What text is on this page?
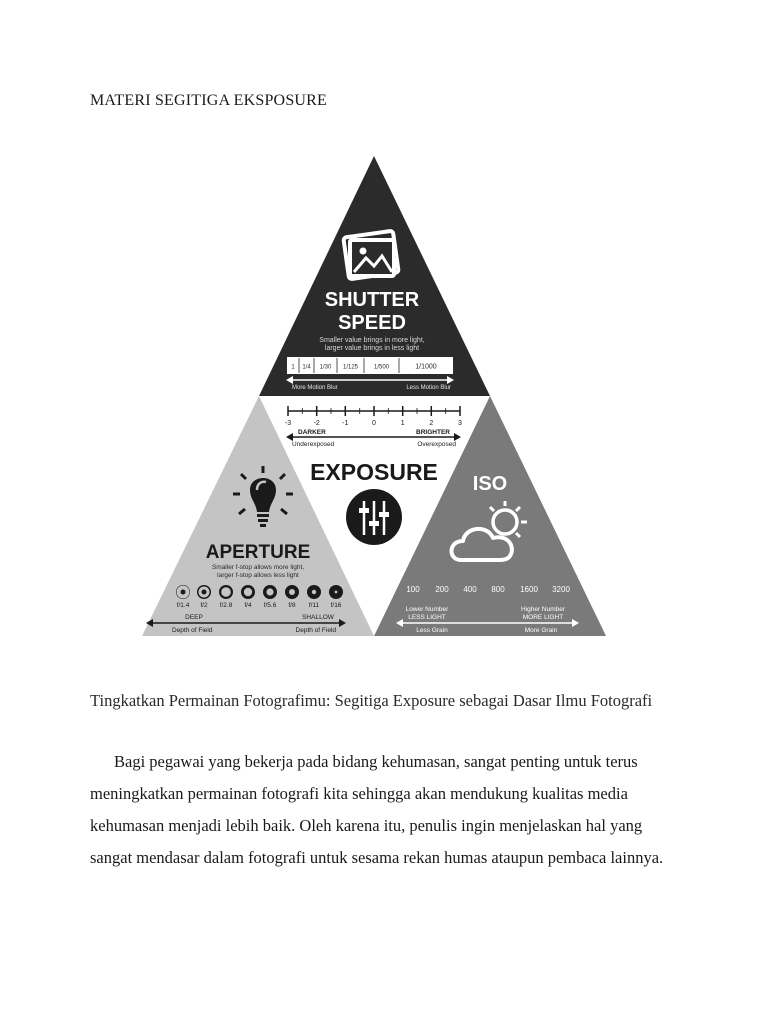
MATERI SEGITIGA EKSPOSURE
SHUTTER
SPEED
Smaller value brings in more light,
larger value brings in less light
1 1/4 1/30 1/125	1/500	1/1000
More Motion Blur	Less Motion Blur
-3	-2	-1	0	1	2	3
DARKER	BRIGHTER
Underexposed	Overexposed
EXPOSURE
APERTURE
Smaller f-stop allows more light,
larger f-stop allows less light
f/1.4 f/2 f/2.8 f/4 f/5.6 f/8 f/11 f/16
DEEP	SHALLOW
Depth of Field	Depth of Field
ISO
100 200 400 800 1600 3200
Lower Number	Higher Number
LESS LIGHT	MORE LIGHT
Less Grain	More Grain
Tingkatkan Permainan Fotografimu: Segitiga Exposure sebagai Dasar Ilmu Fotografi
Bagi pegawai yang bekerja pada bidang kehumasan, sangat penting untuk terus meningkatkan permainan fotografi kita sehingga akan mendukung kualitas media kehumasan menjadi lebih baik. Oleh karena itu, penulis ingin menjelaskan hal yang sangat mendasar dalam fotografi untuk sesama rekan humas ataupun pembaca lainnya.
